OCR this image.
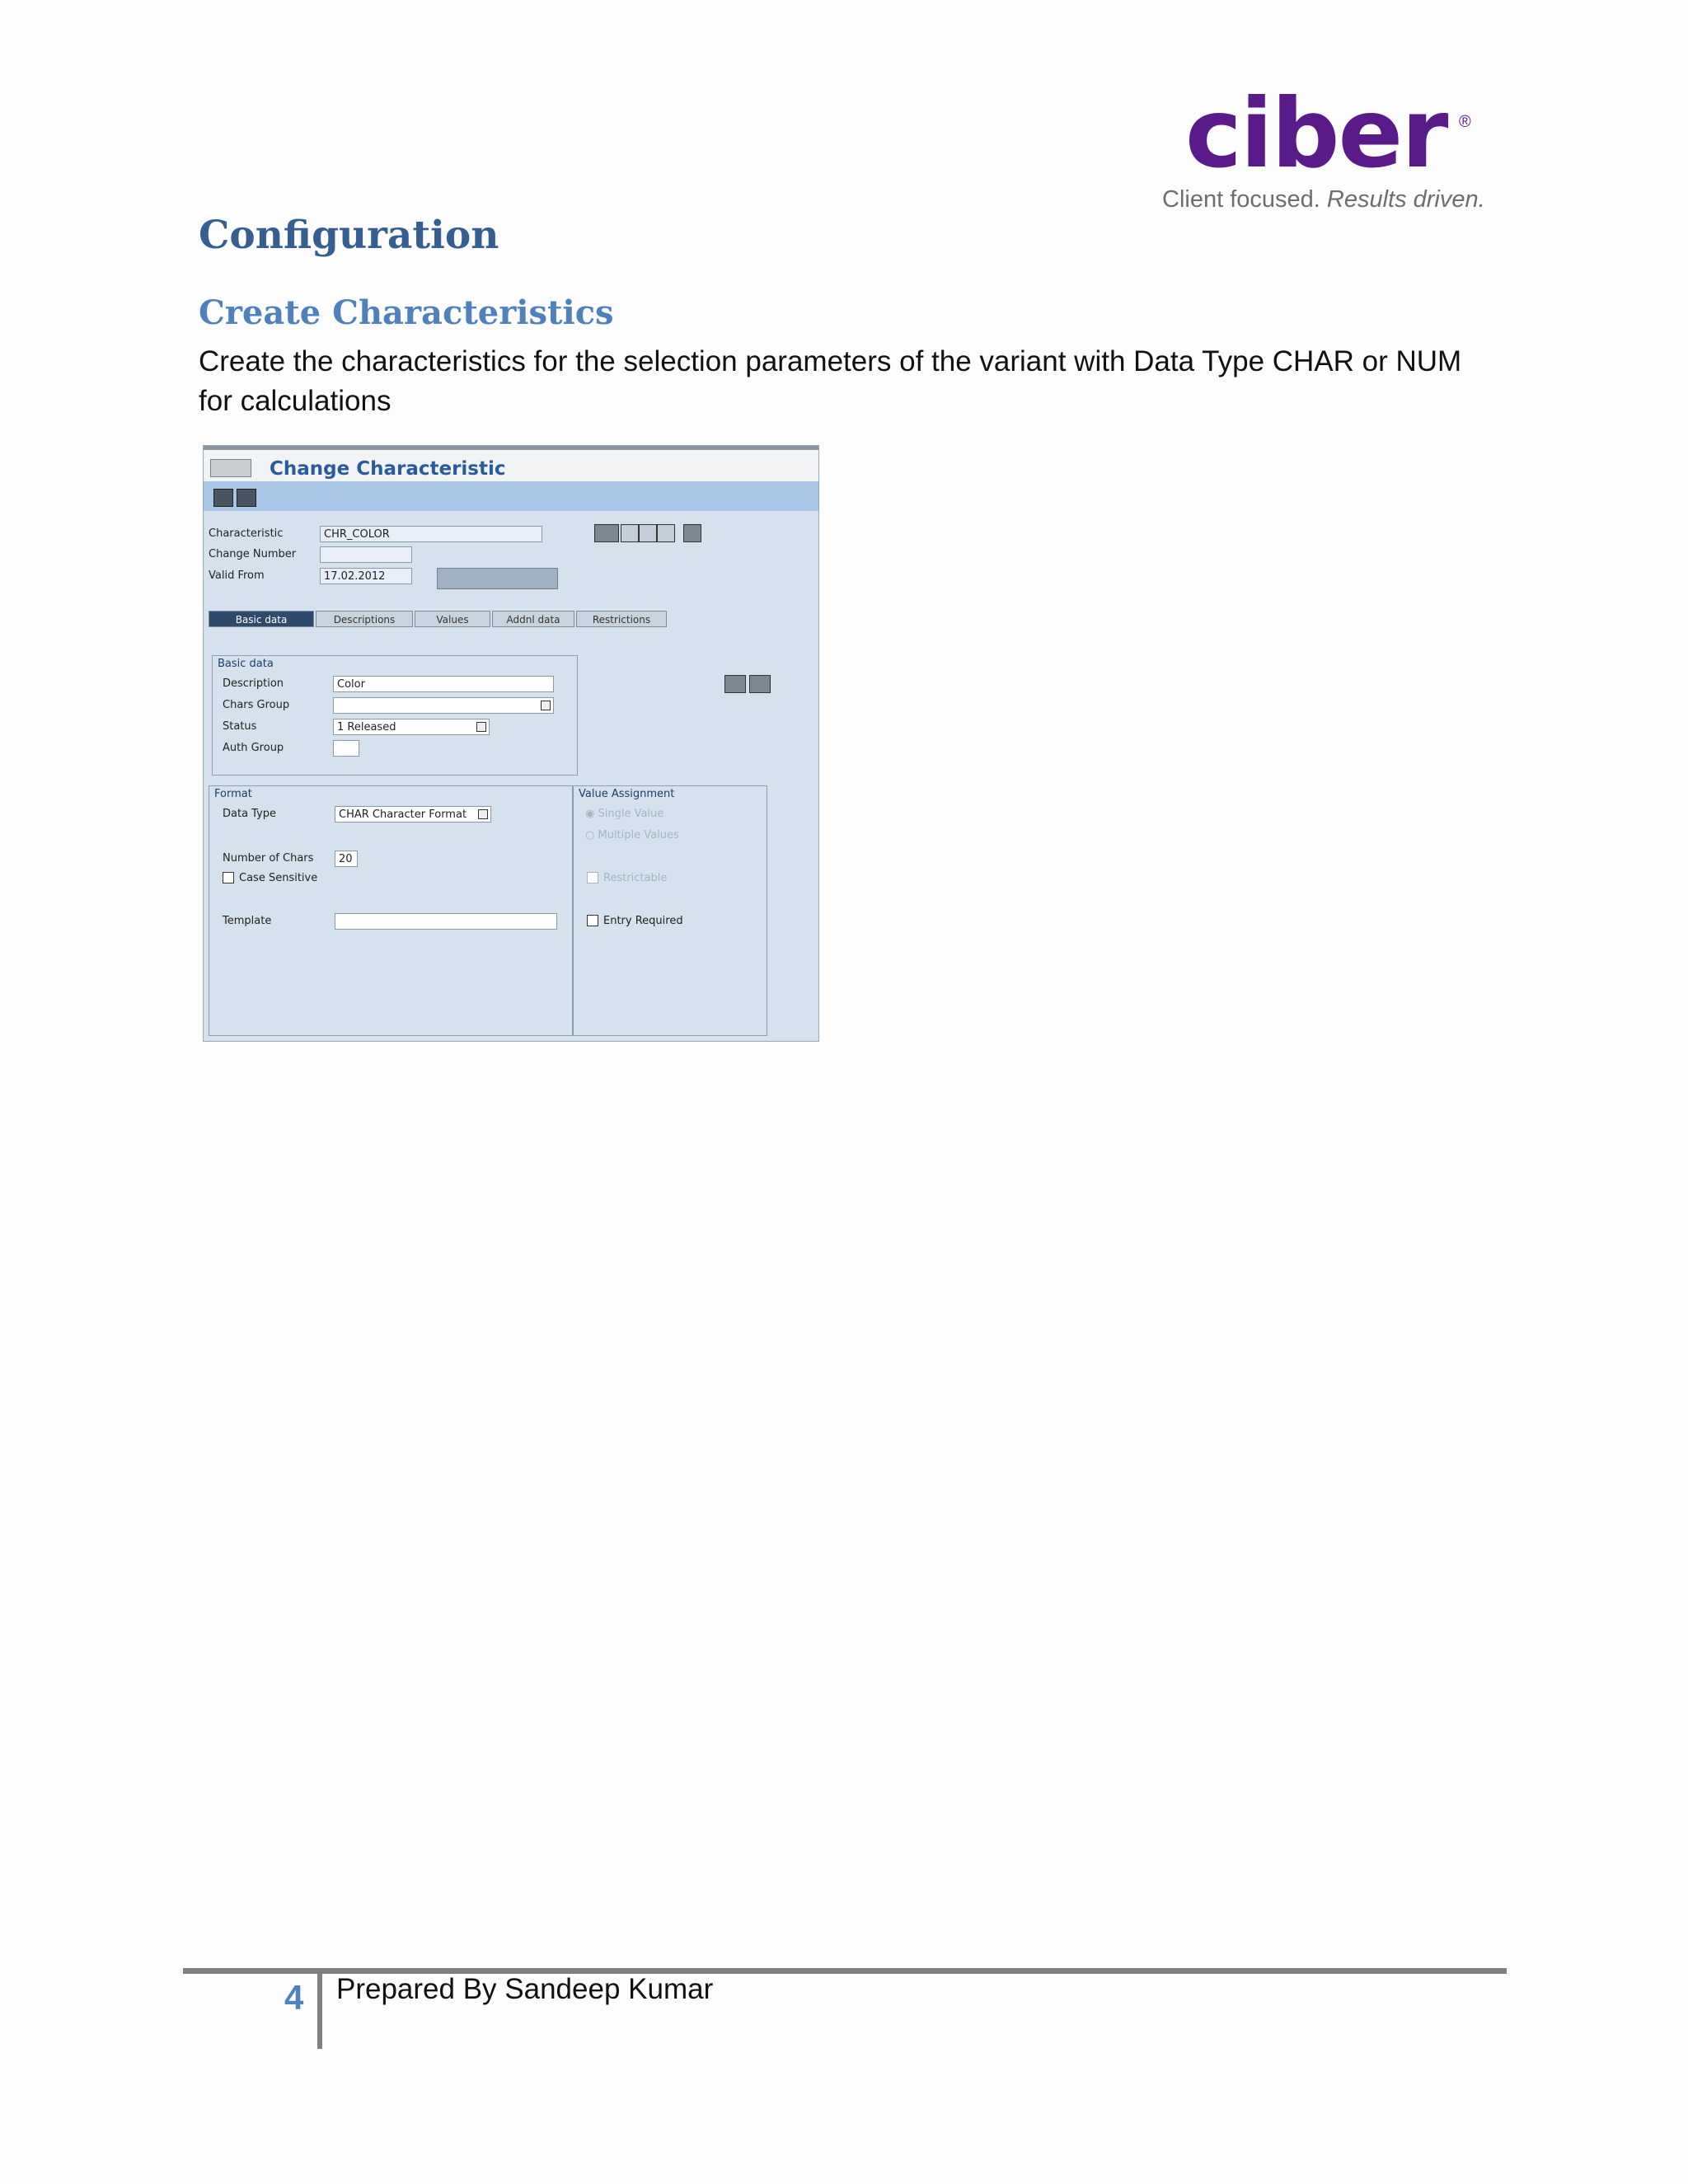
ciber ®
Client focused. Results driven.
Configuration
Create Characteristics
Create the characteristics for the selection parameters of the variant with Data Type CHAR or NUM for calculations
Change Characteristic
Characteristic	CHR_COLOR
Change Number
Valid From	17.02.2012
Basic data	Descriptions	Values	Addnl data	Restrictions
Basic data
Description	Color
Chars Group
Status	1 Released
Auth Group
Format
Data Type	CHAR Character Format
Number of Chars	20
Case Sensitive
Template
Value Assignment
◉ Single Value
○ Multiple Values
Restrictable
Entry Required
4 Prepared By Sandeep Kumar
